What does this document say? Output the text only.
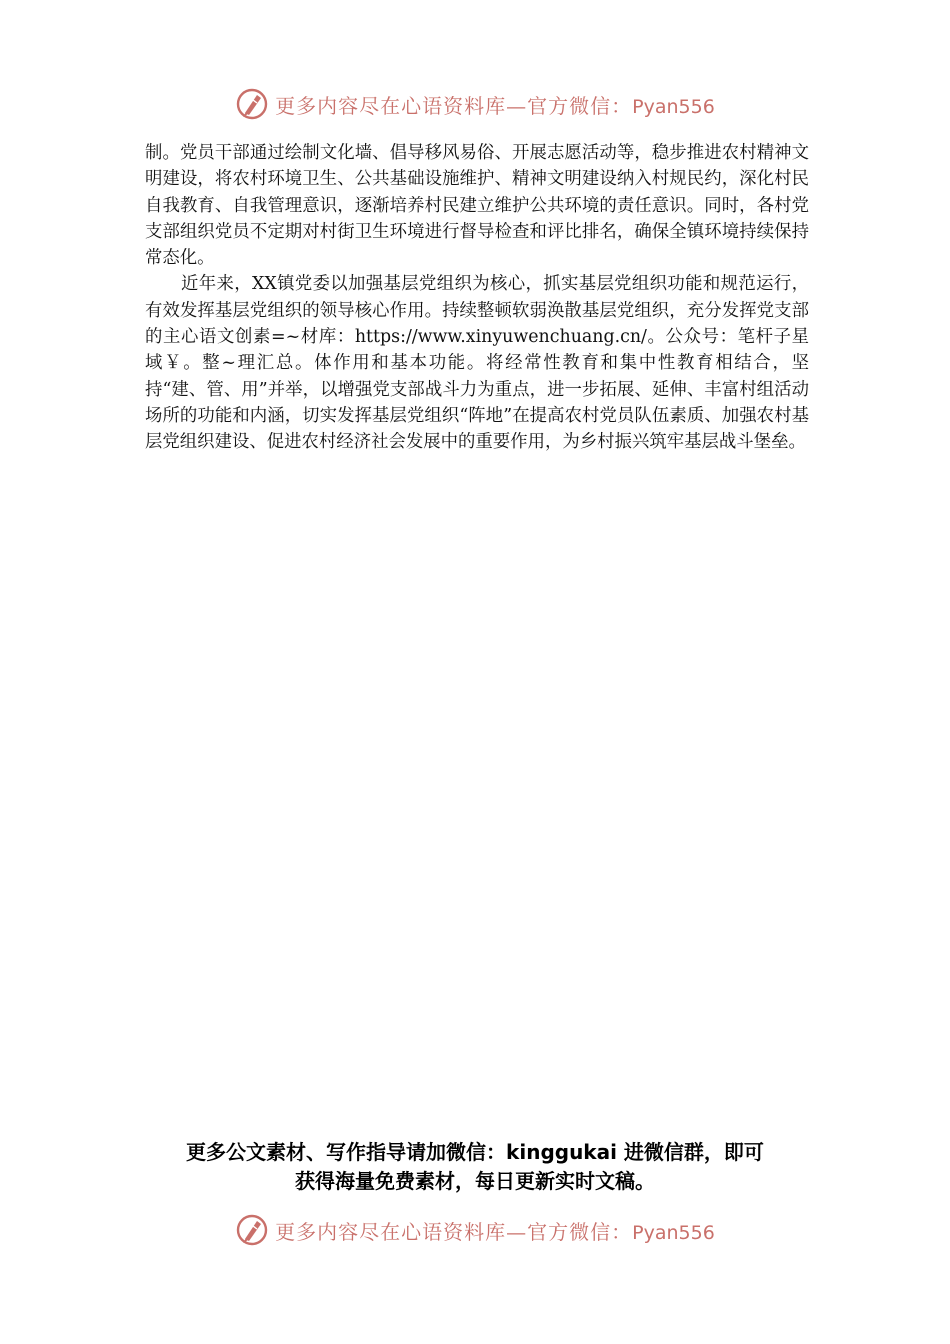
更多内容尽在心语资料库—官方微信：Pyan556

制。党员干部通过绘制文化墙、倡导移风易俗、开展志愿活动等，稳步推进农村精神文明建设，将农村环境卫生、公共基础设施维护、精神文明建设纳入村规民约，深化村民自我教育、自我管理意识，逐渐培养村民建立维护公共环境的责任意识。同时，各村党支部组织党员不定期对村街卫生环境进行督导检查和评比排名，确保全镇环境持续保持常态化。

近年来，XX镇党委以加强基层党组织为核心，抓实基层党组织功能和规范运行，有效发挥基层党组织的领导核心作用。持续整顿软弱涣散基层党组织，充分发挥党支部的主心语文创素=~材库：https://www.xinyuwenchuang.cn/。公众号：笔杆子星域￥。整~理汇总。体作用和基本功能。将经常性教育和集中性教育相结合，坚持“建、管、用”并举，以增强党支部战斗力为重点，进一步拓展、延伸、丰富村组活动场所的功能和内涵，切实发挥基层党组织“阵地”在提高农村党员队伍素质、加强农村基层党组织建设、促进农村经济社会发展中的重要作用，为乡村振兴筑牢基层战斗堡垒。

更多公文素材、写作指导请加微信：kinggukai 进微信群，即可
获得海量免费素材，每日更新实时文稿。
更多内容尽在心语资料库—官方微信：Pyan556
